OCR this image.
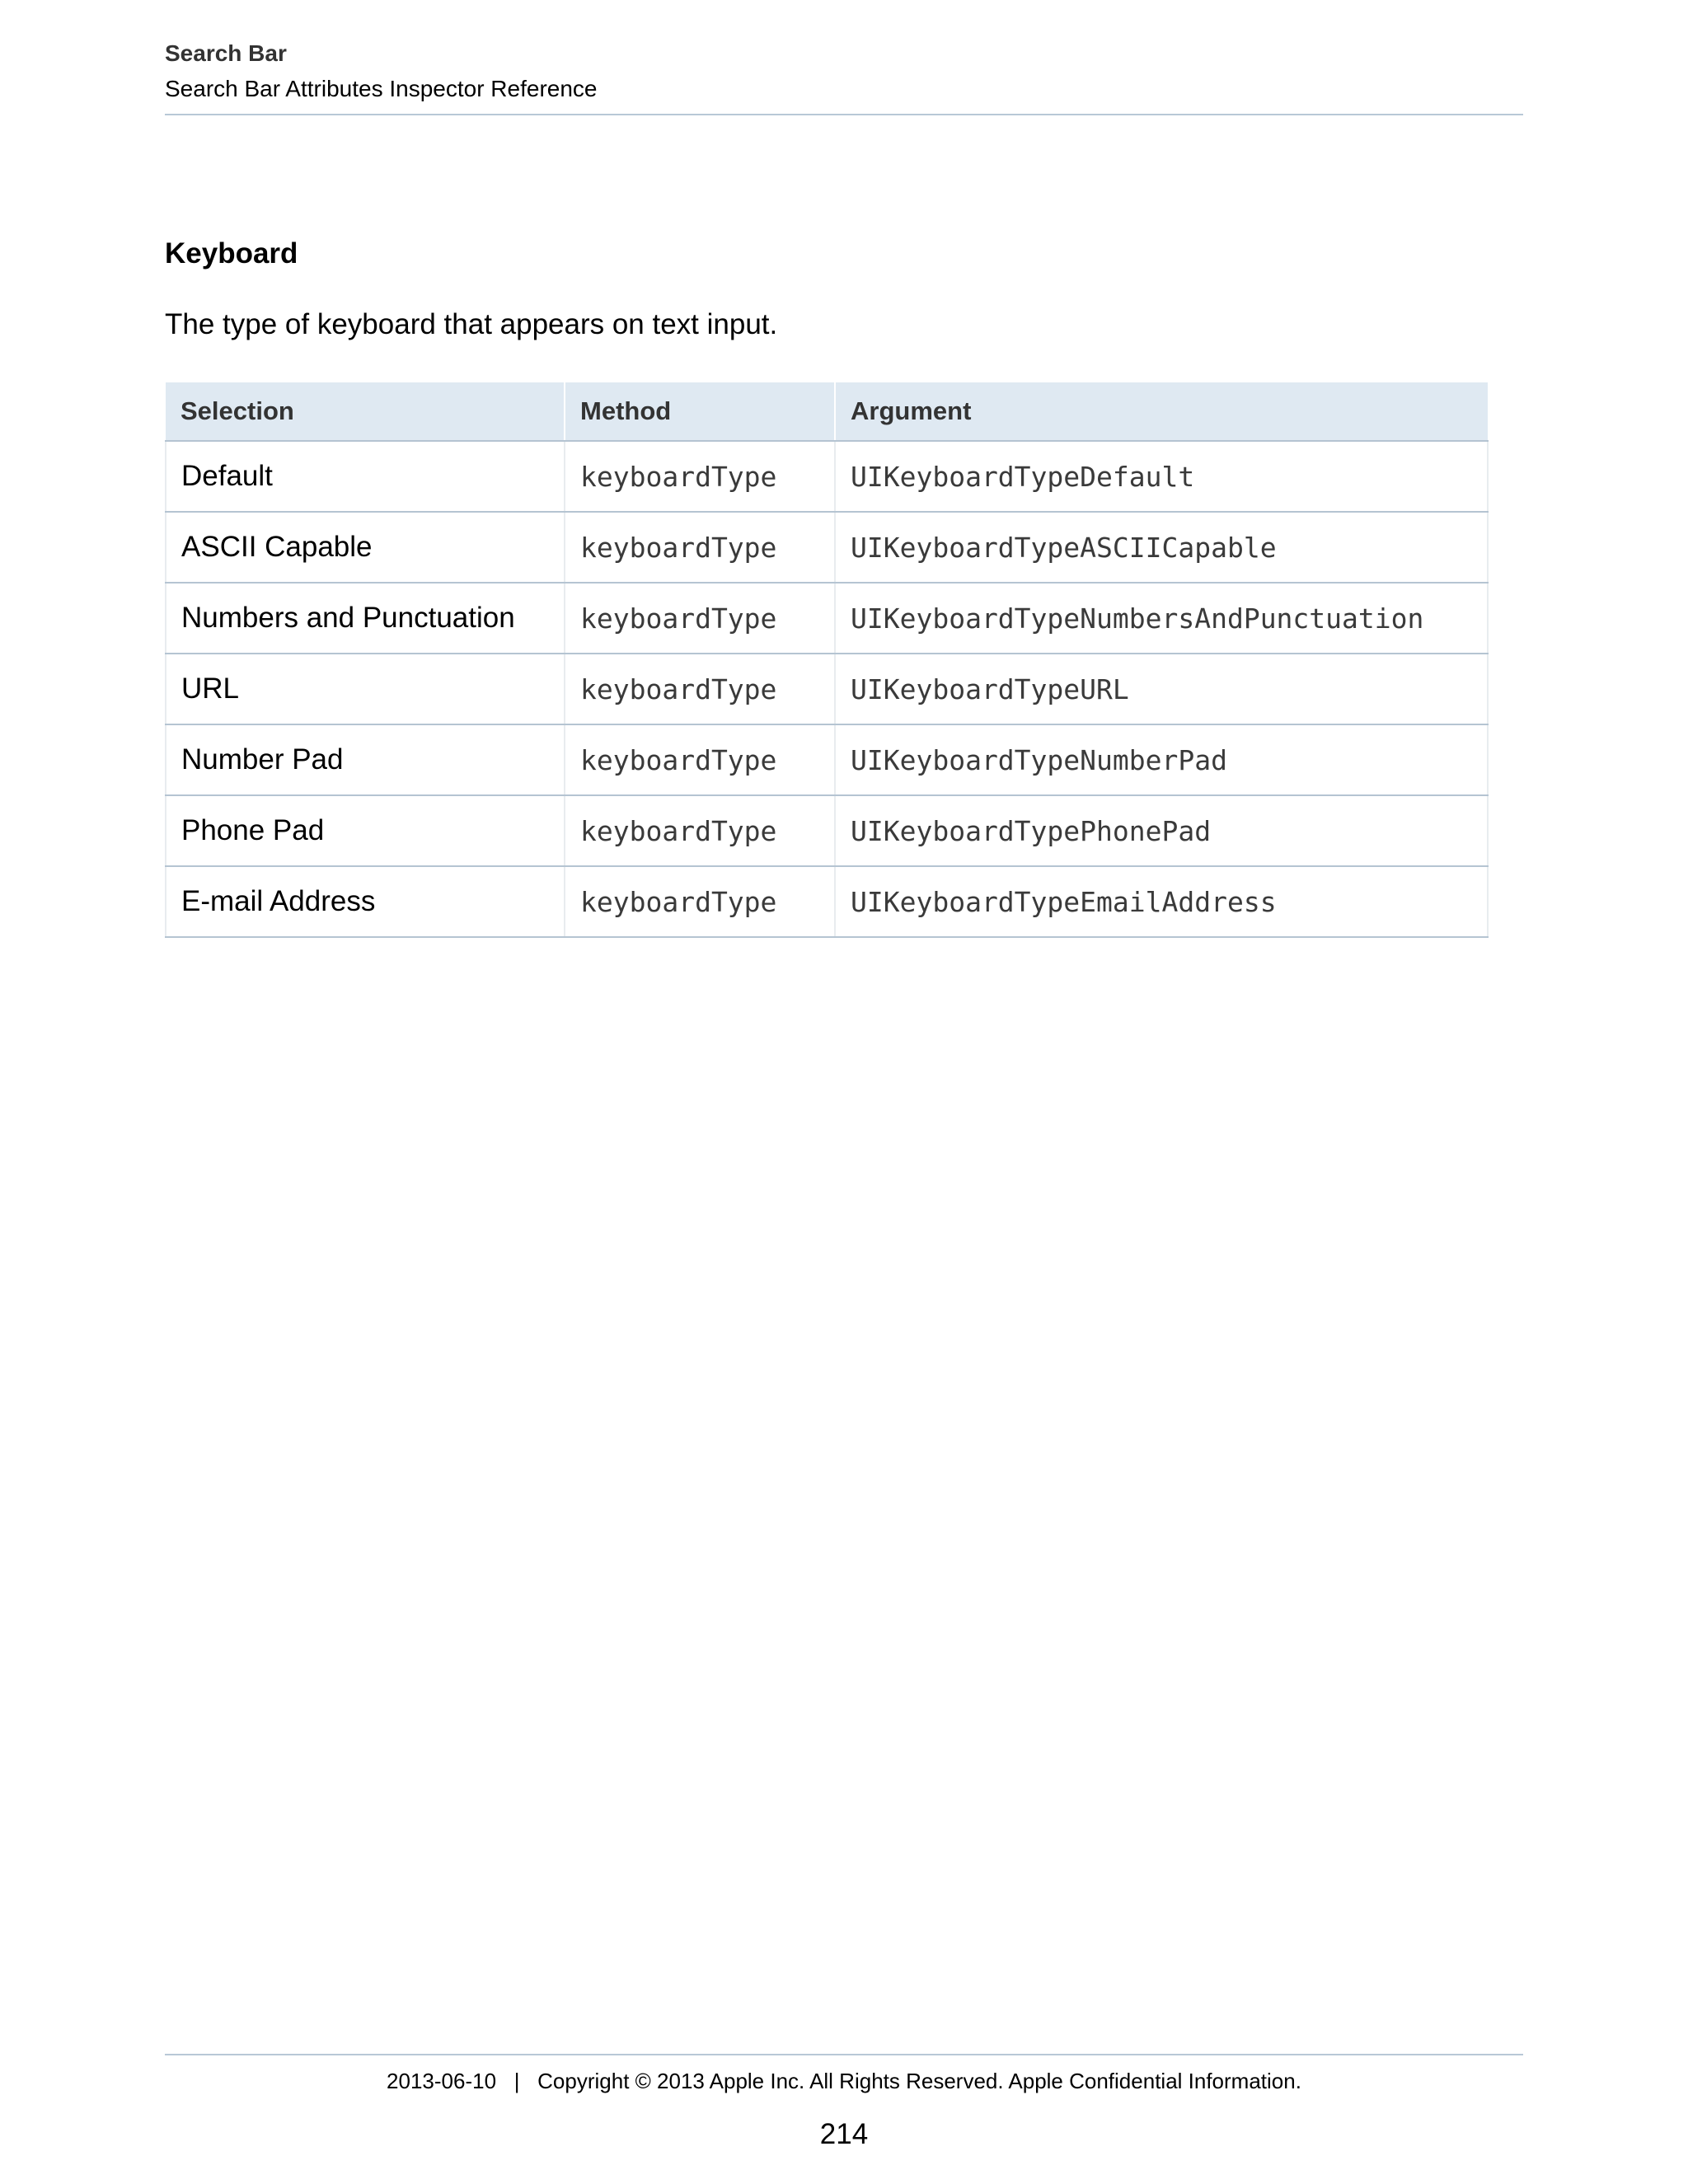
Search Bar
Search Bar Attributes Inspector Reference
Keyboard
The type of keyboard that appears on text input.
Selection	Method	Argument
Default	keyboardType	UIKeyboardTypeDefault
ASCII Capable	keyboardType	UIKeyboardTypeASCIICapable
Numbers and Punctuation	keyboardType	UIKeyboardTypeNumbersAndPunctuation
URL	keyboardType	UIKeyboardTypeURL
Number Pad	keyboardType	UIKeyboardTypeNumberPad
Phone Pad	keyboardType	UIKeyboardTypePhonePad
E-mail Address	keyboardType	UIKeyboardTypeEmailAddress
2013-06-10   |   Copyright © 2013 Apple Inc. All Rights Reserved. Apple Confidential Information.
214
